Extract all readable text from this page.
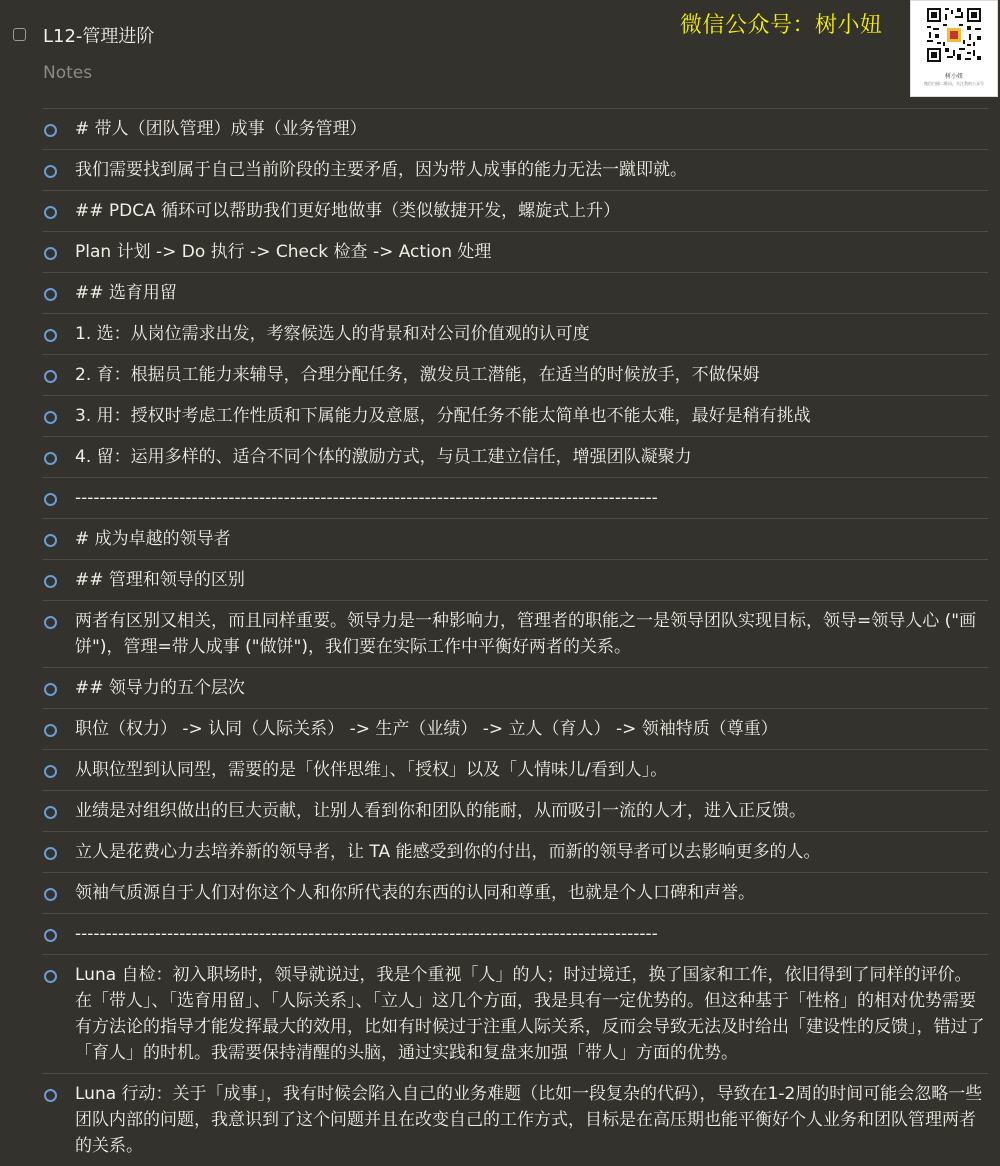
L12-管理进阶
Notes
微信公众号：树小妞
树小妞
微信扫描二维码，关注我的公众号
# 带人（团队管理）成事（业务管理）
我们需要找到属于自己当前阶段的主要矛盾，因为带人成事的能力无法一蹴即就。
## PDCA 循环可以帮助我们更好地做事（类似敏捷开发，螺旋式上升）
Plan 计划 -> Do 执行 -> Check 检查 -> Action 处理
## 选育用留
1. 选：从岗位需求出发，考察候选人的背景和对公司价值观的认可度
2. 育：根据员工能力来辅导，合理分配任务，激发员工潜能，在适当的时候放手，不做保姆
3. 用：授权时考虑工作性质和下属能力及意愿，分配任务不能太简单也不能太难，最好是稍有挑战
4. 留：运用多样的、适合不同个体的激励方式，与员工建立信任，增强团队凝聚力
-----------------------------------------------------------------------------------------------
# 成为卓越的领导者
## 管理和领导的区别
两者有区别又相关，而且同样重要。领导力是一种影响力，管理者的职能之一是领导团队实现目标，领导=领导人心 ("画饼")，管理=带人成事 ("做饼")，我们要在实际工作中平衡好两者的关系。
## 领导力的五个层次
职位（权力） -> 认同（人际关系） -> 生产（业绩） -> 立人（育人） -> 领袖特质（尊重）
从职位型到认同型，需要的是「伙伴思维」、「授权」以及「人情味儿/看到人」。
业绩是对组织做出的巨大贡献，让别人看到你和团队的能耐，从而吸引一流的人才，进入正反馈。
立人是花费心力去培养新的领导者，让 TA 能感受到你的付出，而新的领导者可以去影响更多的人。
领袖气质源自于人们对你这个人和你所代表的东西的认同和尊重，也就是个人口碑和声誉。
-----------------------------------------------------------------------------------------------
Luna 自检：初入职场时，领导就说过，我是个重视「人」的人；时过境迁，换了国家和工作，依旧得到了同样的评价。在「带人」、「选育用留」、「人际关系」、「立人」这几个方面，我是具有一定优势的。但这种基于「性格」的相对优势需要有方法论的指导才能发挥最大的效用，比如有时候过于注重人际关系，反而会导致无法及时给出「建设性的反馈」，错过了「育人」的时机。我需要保持清醒的头脑，通过实践和复盘来加强「带人」方面的优势。
Luna 行动：关于「成事」，我有时候会陷入自己的业务难题（比如一段复杂的代码），导致在1-2周的时间可能会忽略一些团队内部的问题，我意识到了这个问题并且在改变自己的工作方式，目标是在高压期也能平衡好个人业务和团队管理两者的关系。
